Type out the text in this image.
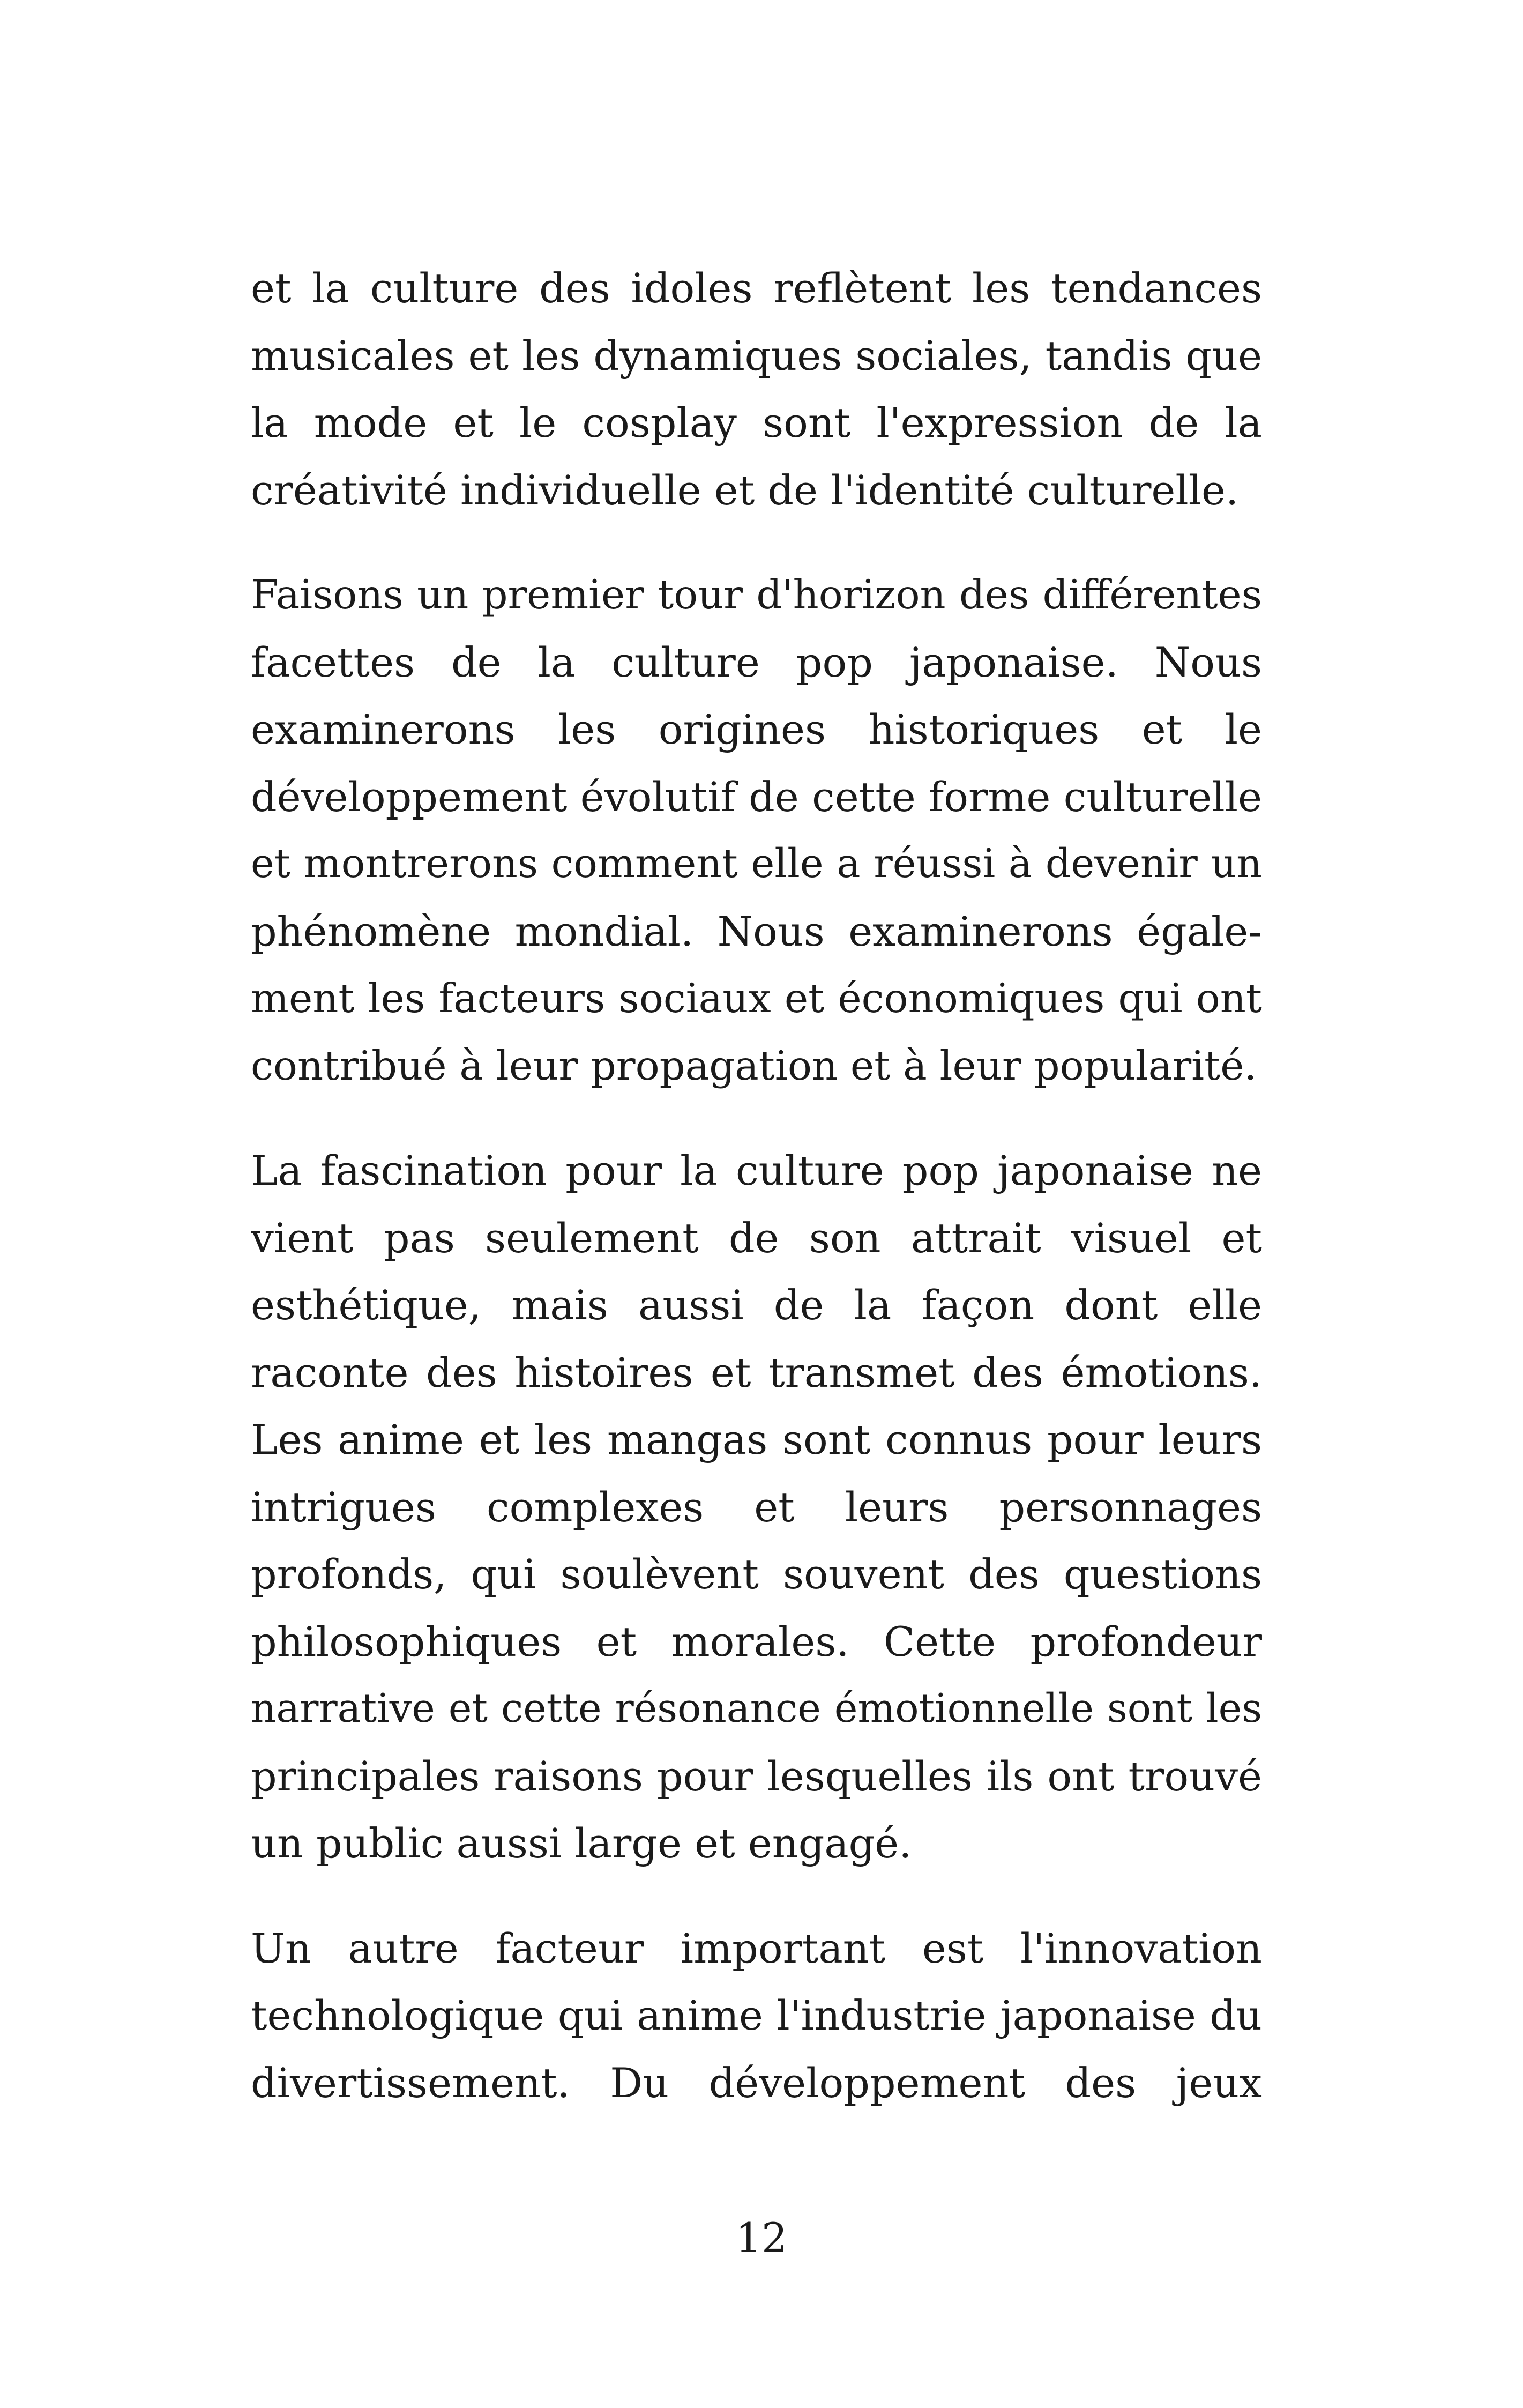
et la culture des idoles reflètent les tendances
musicales et les dynamiques sociales, tandis que
la mode et le cosplay sont l'expression de la
créativité individuelle et de l'identité culturelle.
Faisons un premier tour d'horizon des différentes
facettes de la culture pop japonaise. Nous
examinerons les origines historiques et le
développement évolutif de cette forme culturelle
et montrerons comment elle a réussi à devenir un
phénomène mondial. Nous examinerons égale-
ment les facteurs sociaux et économiques qui ont
contribué à leur propagation et à leur popularité.
La fascination pour la culture pop japonaise ne
vient pas seulement de son attrait visuel et
esthétique, mais aussi de la façon dont elle
raconte des histoires et transmet des émotions.
Les anime et les mangas sont connus pour leurs
intrigues complexes et leurs personnages
profonds, qui soulèvent souvent des questions
philosophiques et morales. Cette profondeur
narrative et cette résonance émotionnelle sont les
principales raisons pour lesquelles ils ont trouvé
un public aussi large et engagé.
Un autre facteur important est l'innovation
technologique qui anime l'industrie japonaise du
divertissement. Du développement des jeux
12
